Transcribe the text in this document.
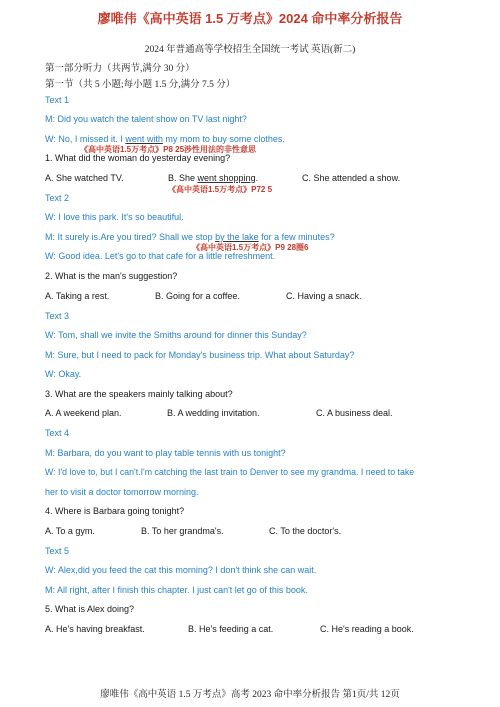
廖唯伟《高中英语 1.5 万考点》2024 命中率分析报告
2024 年普通高等学校招生全国统一考试 英语(新二)
第一部分听力（共两节,满分 30 分）
第一节（共 5 小题;每小题 1.5 分,满分 7.5 分）
Text 1
M: Did you watch the talent show on TV last night?
W: No, I missed it. I went with my mom to buy some clothes.
《高中英语1.5万考点》P8 25涉性用法的非性意思
1. What did the woman do yesterday evening?
A. She watched TV.	B. She went shopping.	C. She attended a show.
《高中英语1.5万考点》P72 5
Text 2
W: I love this park. It's so beautiful.
M: It surely is.Are you tired? Shall we stop by the lake for a few minutes?
《高中英语1.5万考点》P9 28圈6
W: Good idea. Let's go to that cafe for a little refreshment.
2. What is the man's suggestion?
A. Taking a rest.	B. Going for a coffee.	C. Having a snack.
Text 3
W: Tom, shall we invite the Smiths around for dinner this Sunday?
M: Sure, but I need to pack for Monday's business trip. What about Saturday?
W: Okay.
3. What are the speakers mainly talking about?
A. A weekend plan.	B. A wedding invitation.	C. A business deal.
Text 4
M: Barbara, do you want to play table tennis with us tonight?
W: I'd love to, but I can't.I'm catching the last train to Denver to see my grandma. I need to take
her to visit a doctor tomorrow morning.
4. Where is Barbara going tonight?
A. To a gym.	B. To her grandma's.	C. To the doctor's.
Text 5
W: Alex,did you feed the cat this morning? I don't think she can wait.
M: All right, after I finish this chapter. I just can't let go of this book.
5. What is Alex doing?
A. He's having breakfast.	B. He's feeding a cat.	C. He's reading a book.
廖唯伟《高中英语 1.5 万考点》高考 2023 命中率分析报告 第1页/共 12页
